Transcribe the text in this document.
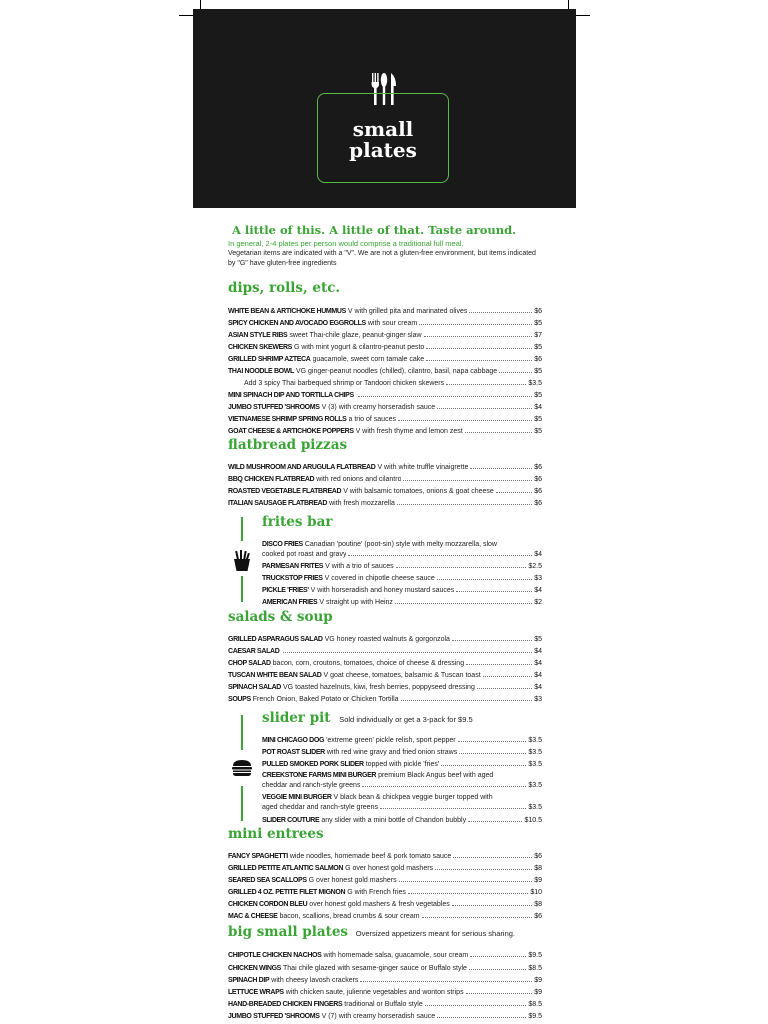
small
plates
A little of this. A little of that. Taste around.
In general, 2-4 plates per person would comprise a traditional full meal.
Vegetarian items are indicated with a "V". We are not a gluten-free environment, but items indicated by "G" have gluten-free ingredients
dips, rolls, etc.
flatbread pizzas
frites bar
salads & soup
slider pit Sold individually or get a 3-pack for $9.5
mini entrees
big small plates Oversized appetizers meant for serious sharing.
WHITE BEAN & ARTICHOKE HUMMUS V with grilled pita and marinated olives	$6
SPICY CHICKEN AND AVOCADO EGGROLLS with sour cream	$5
ASIAN STYLE RIBS sweet Thai-chile glaze, peanut-ginger slaw	$7
CHICKEN SKEWERS G with mint yogurt & cilantro-peanut pesto	$5
GRILLED SHRIMP AZTECA guacamole, sweet corn tamale cake	$6
THAI NOODLE BOWL VG ginger-peanut noodles (chilled), cilantro, basil, napa cabbage	$5
MINI SPINACH DIP AND TORTILLA CHIPS	$5
JUMBO STUFFED 'SHROOMS V (3) with creamy horseradish sauce	$4
VIETNAMESE SHRIMP SPRING ROLLS a trio of sauces	$5
GOAT CHEESE & ARTICHOKE POPPERS V with fresh thyme and lemon zest	$5
Add 3 spicy Thai barbequed shrimp or Tandoori chicken skewers	$3.5
WILD MUSHROOM AND ARUGULA FLATBREAD V with white truffle vinaigrette	$6
BBQ CHICKEN FLATBREAD with red onions and cilantro	$6
ROASTED VEGETABLE FLATBREAD V with balsamic tomatoes, onions & goat cheese	$6
ITALIAN SAUSAGE FLATBREAD with fresh mozzarella	$6
DISCO FRIES Canadian 'poutine' (poot-sin) style with melty mozzarella, slow
cooked pot roast and gravy	$4
PARMESAN FRITES V with a trio of sauces	$2.5
TRUCKSTOP FRIES V covered in chipotle cheese sauce	$3
PICKLE 'FRIES' V with horseradish and honey mustard sauces	$4
AMERICAN FRIES V straight up with Heinz	$2
GRILLED ASPARAGUS SALAD VG honey roasted walnuts & gorgonzola	$5
CAESAR SALAD	$4
CHOP SALAD bacon, corn, croutons, tomatoes, choice of cheese & dressing	$4
TUSCAN WHITE BEAN SALAD V goat cheese, tomatoes, balsamic & Tuscan toast	$4
SPINACH SALAD VG toasted hazelnuts, kiwi, fresh berries, poppyseed dressing	$4
SOUPS French Onion, Baked Potato or Chicken Tortilla	$3
MINI CHICAGO DOG 'extreme green' pickle relish, sport pepper	$3.5
POT ROAST SLIDER with red wine gravy and fried onion straws	$3.5
PULLED SMOKED PORK SLIDER topped with pickle 'fries'	$3.5
CREEKSTONE FARMS MINI BURGER premium Black Angus beef with aged
cheddar and ranch-style greens	$3.5
VEGGIE MINI BURGER V black bean & chickpea veggie burger topped with
aged cheddar and ranch-style greens	$3.5
SLIDER COUTURE any slider with a mini bottle of Chandon bubbly	$10.5
FANCY SPAGHETTI wide noodles, homemade beef & pork tomato sauce	$6
GRILLED PETITE ATLANTIC SALMON G over honest gold mashers	$8
SEARED SEA SCALLOPS G over honest gold mashers	$9
GRILLED 4 OZ. PETITE FILET MIGNON G with French fries	$10
CHICKEN CORDON BLEU over honest gold mashers & fresh vegetables	$8
MAC & CHEESE bacon, scallions, bread crumbs & sour cream	$6
CHIPOTLE CHICKEN NACHOS with homemade salsa, guacamole, sour cream	$9.5
CHICKEN WINGS Thai chile glazed with sesame-ginger sauce or Buffalo style	$8.5
SPINACH DIP with cheesy lavosh crackers	$9
LETTUCE WRAPS with chicken saute, julienne vegetables and wonton strips	$9
HAND-BREADED CHICKEN FINGERS traditional or Buffalo style	$8.5
JUMBO STUFFED 'SHROOMS V (7) with creamy horseradish sauce	$9.5
